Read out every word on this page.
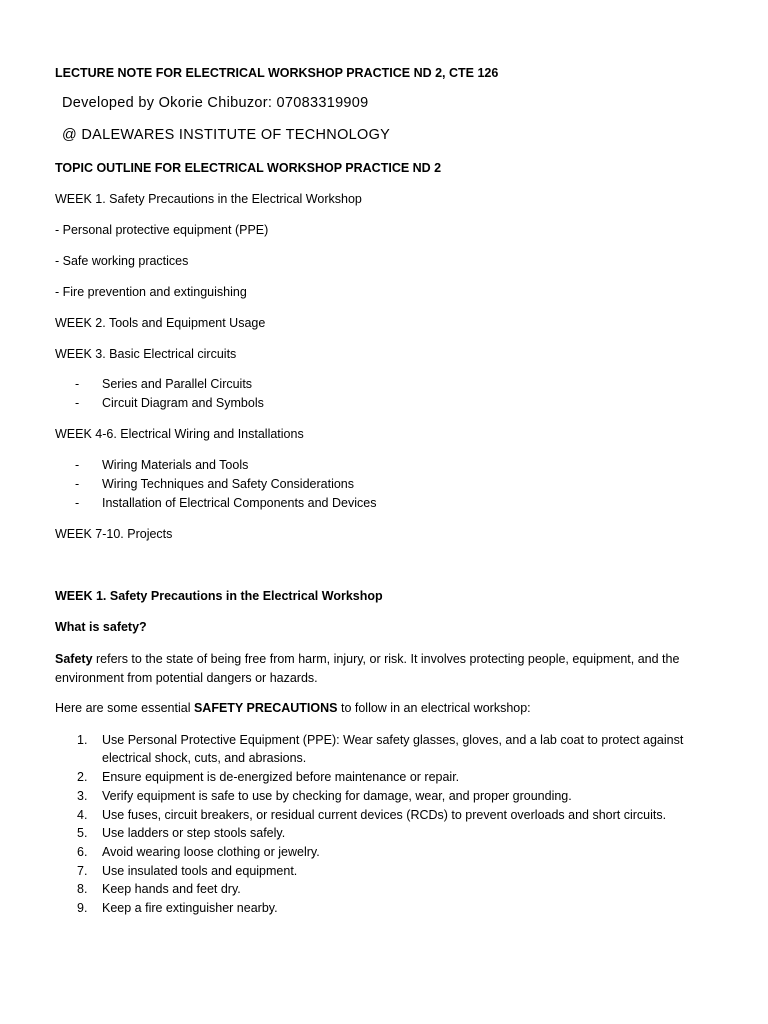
LECTURE NOTE FOR ELECTRICAL WORKSHOP PRACTICE ND 2, CTE 126
Developed by Okorie Chibuzor: 07083319909
@ DALEWARES INSTITUTE OF TECHNOLOGY
TOPIC OUTLINE FOR ELECTRICAL WORKSHOP PRACTICE ND 2
WEEK 1. Safety Precautions in the Electrical Workshop
- Personal protective equipment (PPE)
- Safe working practices
- Fire prevention and extinguishing
WEEK 2. Tools and Equipment Usage
WEEK 3. Basic Electrical circuits
- Series and Parallel Circuits
- Circuit Diagram and Symbols
WEEK 4-6. Electrical Wiring and Installations
- Wiring Materials and Tools
- Wiring Techniques and Safety Considerations
- Installation of Electrical Components and Devices
WEEK 7-10. Projects
WEEK 1. Safety Precautions in the Electrical Workshop
What is safety?
Safety refers to the state of being free from harm, injury, or risk. It involves protecting people, equipment, and the environment from potential dangers or hazards.
Here are some essential SAFETY PRECAUTIONS to follow in an electrical workshop:
1. Use Personal Protective Equipment (PPE): Wear safety glasses, gloves, and a lab coat to protect against electrical shock, cuts, and abrasions.
2. Ensure equipment is de-energized before maintenance or repair.
3. Verify equipment is safe to use by checking for damage, wear, and proper grounding.
4. Use fuses, circuit breakers, or residual current devices (RCDs) to prevent overloads and short circuits.
5. Use ladders or step stools safely.
6. Avoid wearing loose clothing or jewelry.
7. Use insulated tools and equipment.
8. Keep hands and feet dry.
9. Keep a fire extinguisher nearby.
